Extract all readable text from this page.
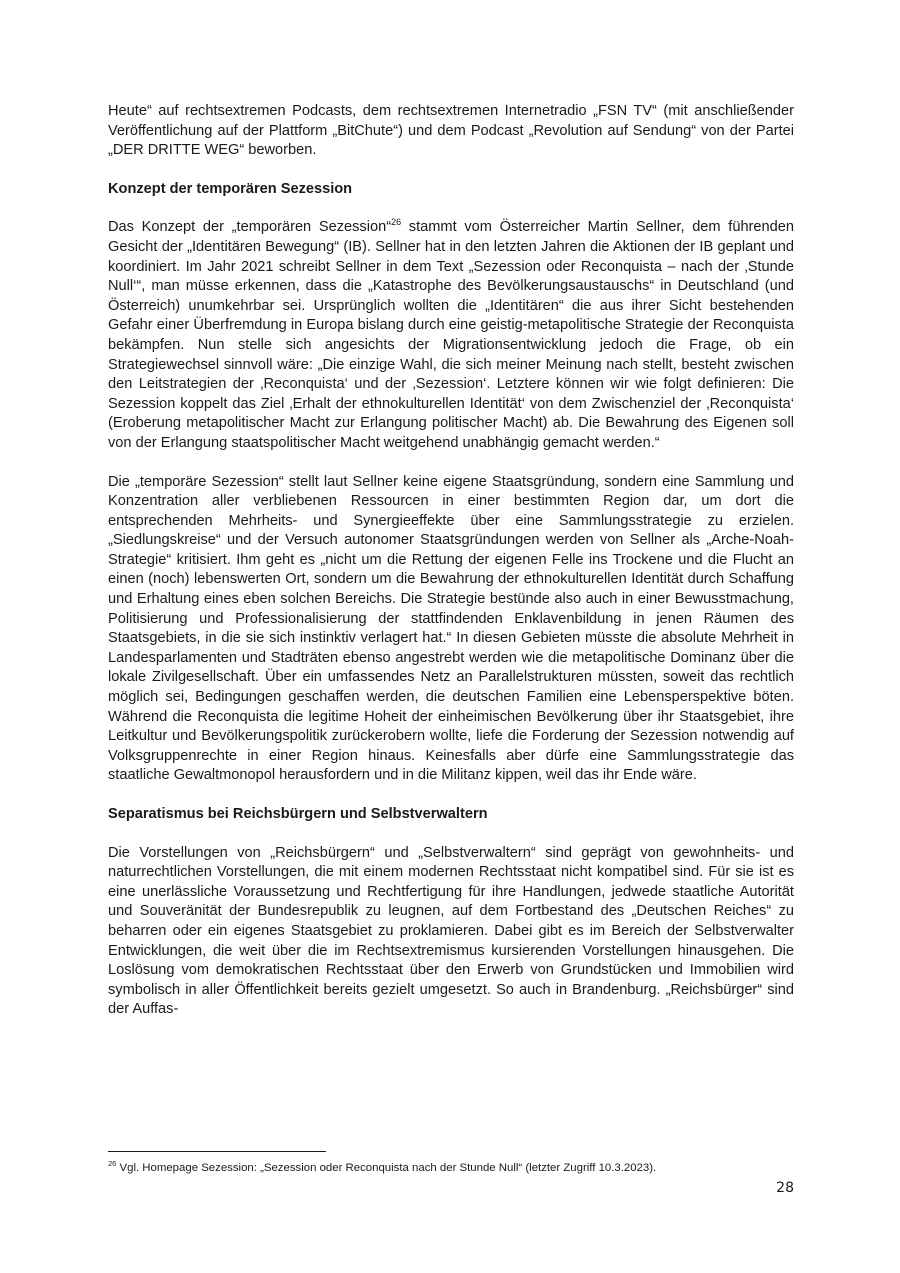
Heute“ auf rechtsextremen Podcasts, dem rechtsextremen Internetradio „FSN TV“ (mit anschließender Veröffentlichung auf der Plattform „BitChute“) und dem Podcast „Revolution auf Sendung“ von der Partei „DER DRITTE WEG“ beworben.

Konzept der temporären Sezession

Das Konzept der „temporären Sezession“$^{26}$ stammt vom Österreicher Martin Sellner, dem führenden Gesicht der „Identitären Bewegung“ (IB). Sellner hat in den letzten Jahren die Aktionen der IB geplant und koordiniert. Im Jahr 2021 schreibt Sellner in dem Text „Sezession oder Reconquista – nach der ‚Stunde Null‘“, man müsse erkennen, dass die „Katastrophe des Bevölkerungsaustauschs“ in Deutschland (und Österreich) unumkehrbar sei. Ursprünglich wollten die „Identitären“ die aus ihrer Sicht bestehenden Gefahr einer Überfremdung in Europa bislang durch eine geistig-metapolitische Strategie der Reconquista bekämpfen. Nun stelle sich angesichts der Migrationsentwicklung jedoch die Frage, ob ein Strategiewechsel sinnvoll wäre: „Die einzige Wahl, die sich meiner Meinung nach stellt, besteht zwischen den Leitstrategien der ‚Reconquista‘ und der ‚Sezession‘. Letztere können wir wie folgt definieren: Die Sezession koppelt das Ziel ‚Erhalt der ethnokulturellen Identität‘ von dem Zwischenziel der ‚Reconquista‘ (Eroberung metapolitischer Macht zur Erlangung politischer Macht) ab. Die Bewahrung des Eigenen soll von der Erlangung staatspolitischer Macht weitgehend unabhängig gemacht werden.“

Die „temporäre Sezession“ stellt laut Sellner keine eigene Staatsgründung, sondern eine Sammlung und Konzentration aller verbliebenen Ressourcen in einer bestimmten Region dar, um dort die entsprechenden Mehrheits- und Synergieeffekte über eine Sammlungsstrategie zu erzielen. „Siedlungskreise“ und der Versuch autonomer Staatsgründungen werden von Sellner als „Arche-Noah-Strategie“ kritisiert. Ihm geht es „nicht um die Rettung der eigenen Felle ins Trockene und die Flucht an einen (noch) lebenswerten Ort, sondern um die Bewahrung der ethnokulturellen Identität durch Schaffung und Erhaltung eines eben solchen Bereichs. Die Strategie bestünde also auch in einer Bewusstmachung, Politisierung und Professionalisierung der stattfindenden Enklavenbildung in jenen Räumen des Staatsgebiets, in die sie sich instinktiv verlagert hat.“ In diesen Gebieten müsste die absolute Mehrheit in Landesparlamenten und Stadträten ebenso angestrebt werden wie die metapolitische Dominanz über die lokale Zivilgesellschaft. Über ein umfassendes Netz an Parallelstrukturen müssten, soweit das rechtlich möglich sei, Bedingungen geschaffen werden, die deutschen Familien eine Lebensperspektive böten. Während die Reconquista die legitime Hoheit der einheimischen Bevölkerung über ihr Staatsgebiet, ihre Leitkultur und Bevölkerungspolitik zurückerobern wollte, liefe die Forderung der Sezession notwendig auf Volksgruppenrechte in einer Region hinaus. Keinesfalls aber dürfe eine Sammlungsstrategie das staatliche Gewaltmonopol herausfordern und in die Militanz kippen, weil das ihr Ende wäre.

Separatismus bei Reichsbürgern und Selbstverwaltern

Die Vorstellungen von „Reichsbürgern“ und „Selbstverwaltern“ sind geprägt von gewohnheits- und naturrechtlichen Vorstellungen, die mit einem modernen Rechtsstaat nicht kompatibel sind. Für sie ist es eine unerlässliche Voraussetzung und Rechtfertigung für ihre Handlungen, jedwede staatliche Autorität und Souveränität der Bundesrepublik zu leugnen, auf dem Fortbestand des „Deutschen Reiches“ zu beharren oder ein eigenes Staatsgebiet zu proklamieren. Dabei gibt es im Bereich der Selbstverwalter Entwicklungen, die weit über die im Rechtsextremismus kursierenden Vorstellungen hinausgehen. Die Loslösung vom demokratischen Rechtsstaat über den Erwerb von Grundstücken und Immobilien wird symbolisch in aller Öffentlichkeit bereits gezielt umgesetzt. So auch in Brandenburg. „Reichsbürger“ sind der Auffas-

$^{26}$ Vgl. Homepage Sezession: „Sezession oder Reconquista nach der Stunde Null“ (letzter Zugriff 10.3.2023).
28
